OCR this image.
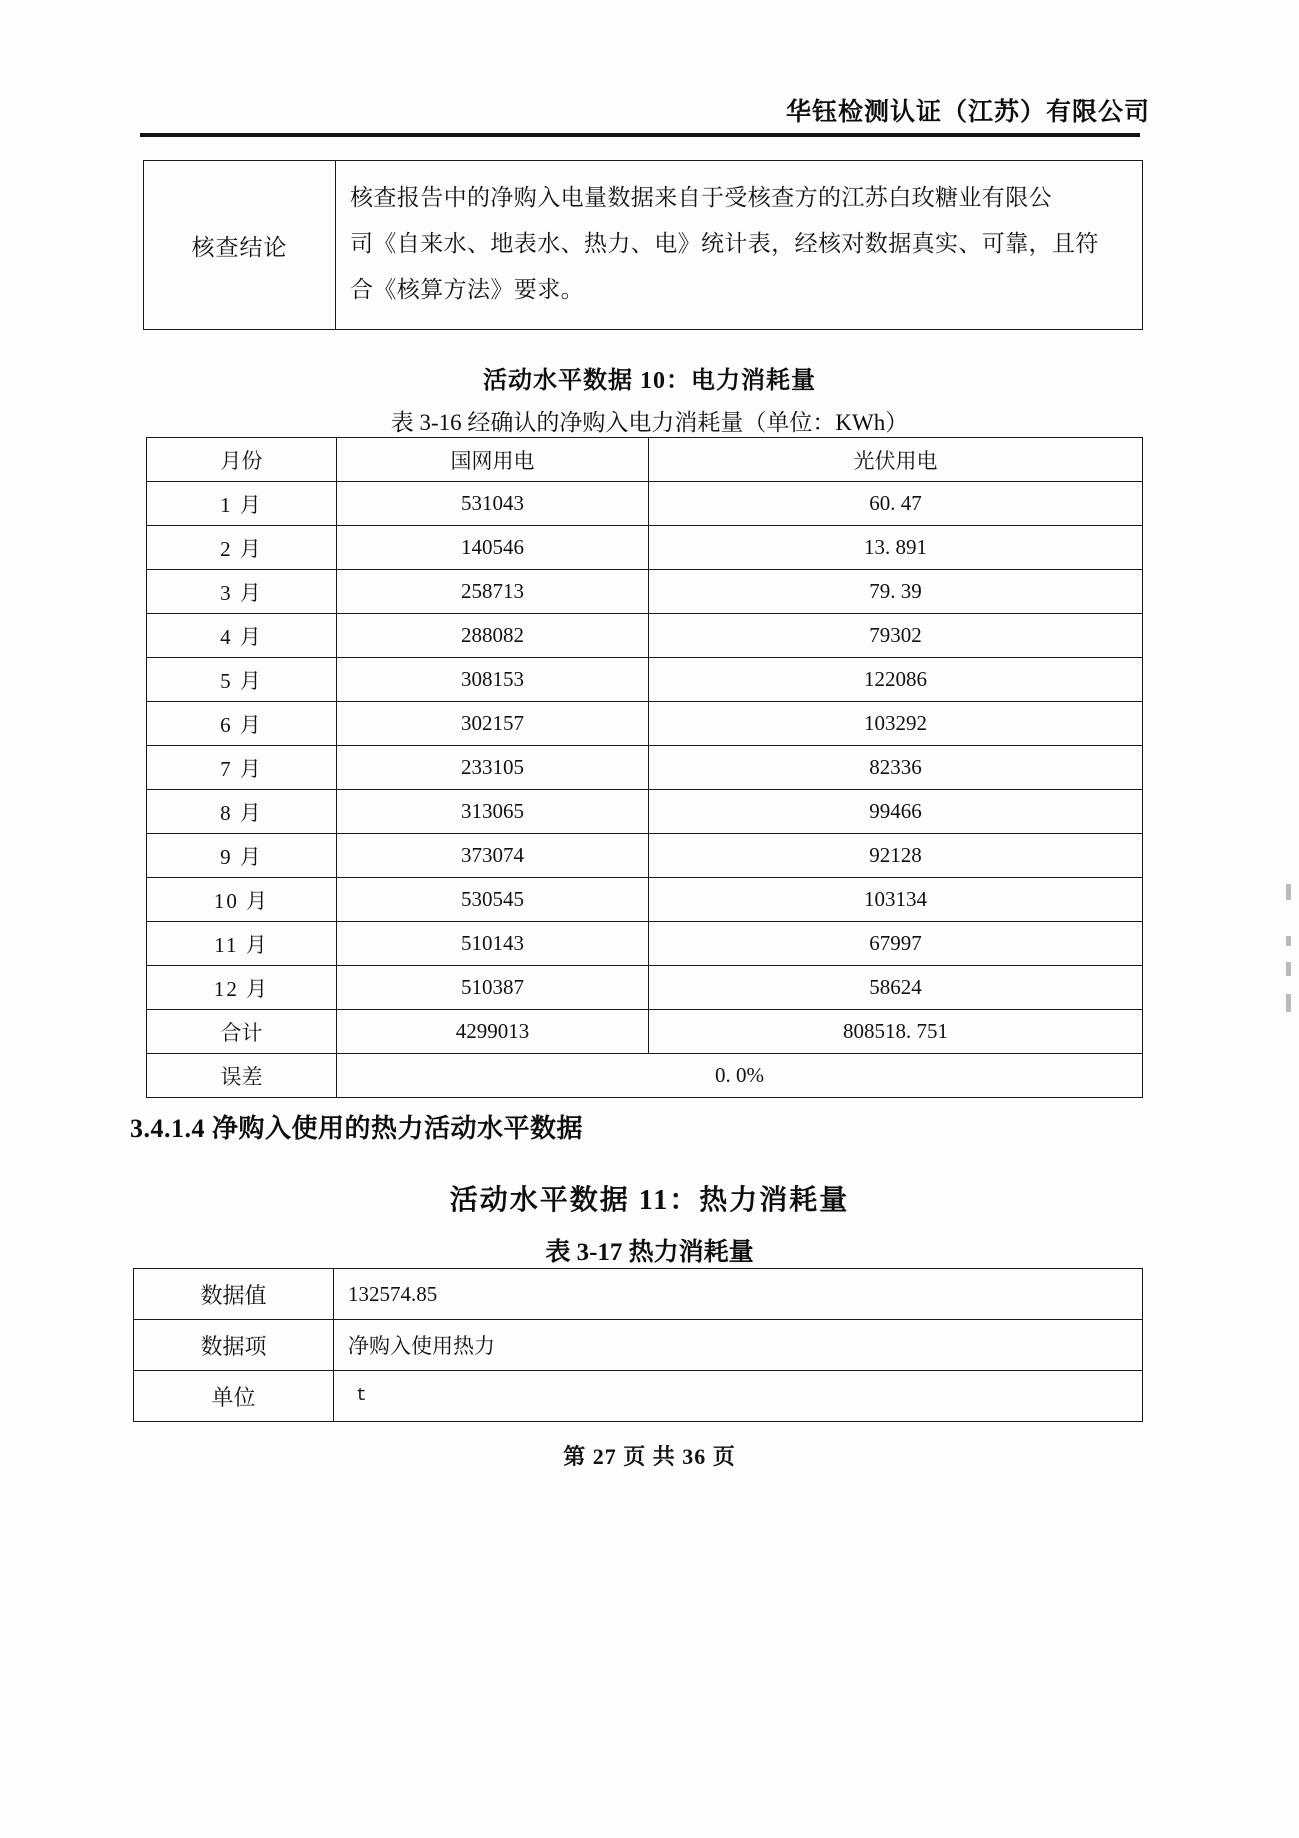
华钰检测认证（江苏）有限公司
核查结论	
核查报告中的净购入电量数据来自于受核查方的江苏白玫糖业有限公
司《自来水、地表水、热力、电》统计表，经核对数据真实、可靠，且符
合《核算方法》要求。
活动水平数据 10：电力消耗量
表 3-16 经确认的净购入电力消耗量（单位：KWh）
月份	国网用电	光伏用电
1 月	531043	60. 47
2 月	140546	13. 891
3 月	258713	79. 39
4 月	288082	79302
5 月	308153	122086
6 月	302157	103292
7 月	233105	82336
8 月	313065	99466
9 月	373074	92128
10 月	530545	103134
11 月	510143	67997
12 月	510387	58624
合计	4299013	808518. 751
误差	0. 0%	
3.4.1.4 净购入使用的热力活动水平数据
活动水平数据 11：热力消耗量
表 3-17 热力消耗量
数据值	132574.85
数据项	净购入使用热力
单位	t
第 27 页 共 36 页
